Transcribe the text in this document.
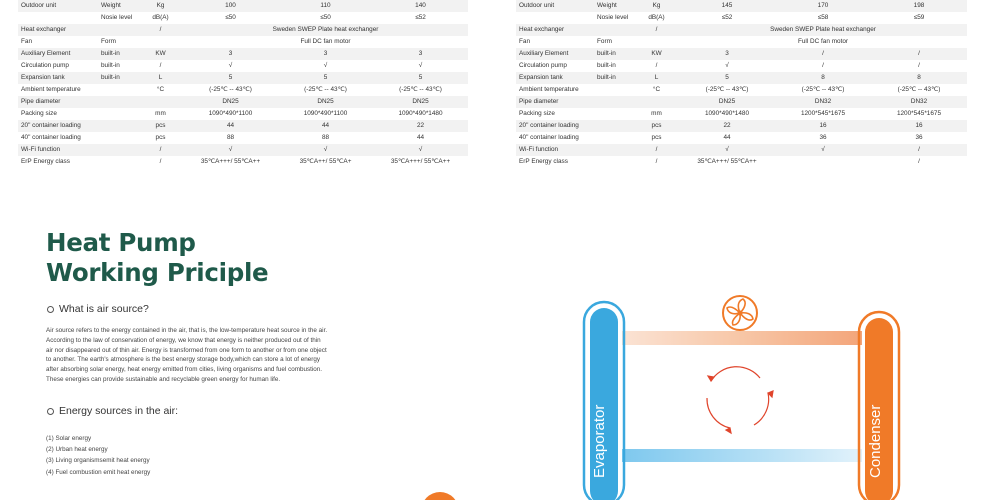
Outdoor unit	Weight	Kg	100	110	140
	Nosie level	dB(A)	≤50	≤50	≤52
Heat exchanger		/	Sweden SWEP Plate heat exchanger		
Fan	Form		Full DC fan motor		
Auxiliary Element	built-in	KW	3	3	3
Circulation pump	built-in	/	√	√	√
Expansion tank	built-in	L	5	5	5
Ambient temperature		°C	(-25℃ -- 43℃)	(-25℃ -- 43℃)	(-25℃ -- 43℃)
Pipe diameter			DN25	DN25	DN25
Packing size		mm	1090*490*1100	1090*490*1100	1090*490*1480
20" container loading		pcs	44	44	22
40" container loading		pcs	88	88	44
Wi-Fi function		/	√	√	√
ErP Energy class		/	35℃A+++/ 55℃A++	35℃A++/ 55℃A+	35℃A+++/ 55℃A++
Outdoor unit	Weight	Kg	145	170	198
	Nosie level	dB(A)	≤52	≤58	≤59
Heat exchanger		/	Sweden SWEP Plate heat exchanger		
Fan	Form		Full DC fan motor		
Auxiliary Element	built-in	KW	3	/	/
Circulation pump	built-in	/	√	/	/
Expansion tank	built-in	L	5	8	8
Ambient temperature		°C	(-25℃ -- 43℃)	(-25℃ -- 43℃)	(-25℃ -- 43℃)
Pipe diameter			DN25	DN32	DN32
Packing size		mm	1090*490*1480	1200*545*1675	1200*545*1675
20" container loading		pcs	22	16	16
40" container loading		pcs	44	36	36
Wi-Fi function		/	√	√	/
ErP Energy class		/	35℃A+++/ 55℃A++		/
Heat Pump
Working Priciple
What is air source?
Air source refers to the energy contained in the air, that is, the low-temperature heat source in the air.
According to the law of conservation of energy, we know that energy is neither produced out of thin
air nor disappeared out of thin air. Energy is transformed from one form to another or from one object
to another. The earth's atmosphere is the best energy storage body,which can store a lot of energy
after absorbing solar energy, heat energy emitted from cities, living organisms and fuel combustion.
These energies can provide sustainable and recyclable green energy for human life.
Energy sources in the air:
(1) Solar energy
(2) Urban heat energy
(3) Living organismsemit heat energy
(4) Fuel combustion emit heat energy	Evaporator	Condenser
